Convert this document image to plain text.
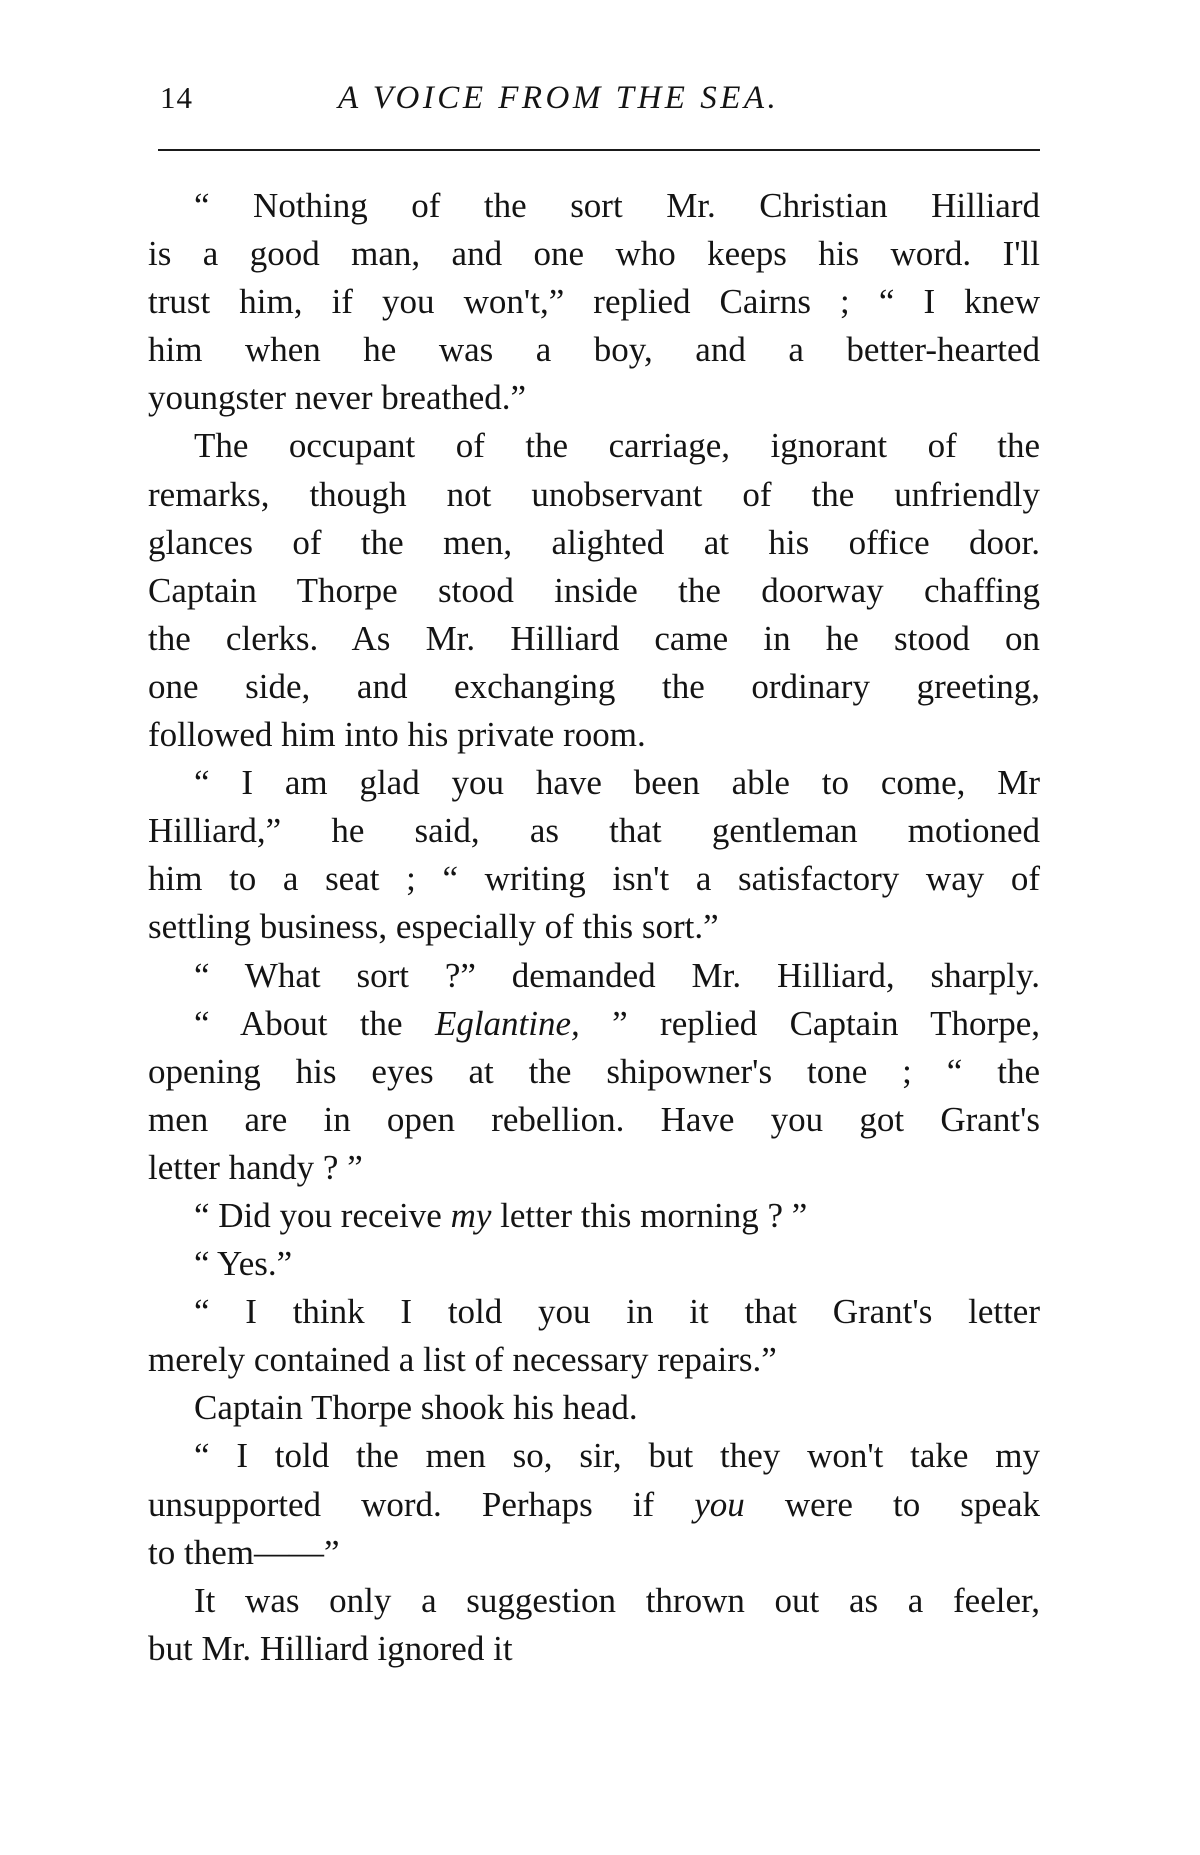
14	A VOICE FROM THE SEA.
“ Nothing of the sort Mr. Christian Hilliard
is a good man, and one who keeps his word. I'll
trust him, if you won't,” replied Cairns ; “ I knew
him when he was a boy, and a better-hearted
youngster never breathed.”
The occupant of the carriage, ignorant of the
remarks, though not unobservant of the unfriendly
glances of the men, alighted at his office door.
Captain Thorpe stood inside the doorway chaffing
the clerks. As Mr. Hilliard came in he stood on
one side, and exchanging the ordinary greeting,
followed him into his private room.
“ I am glad you have been able to come, Mr
Hilliard,” he said, as that gentleman motioned
him to a seat ; “ writing isn't a satisfactory way of
settling business, especially of this sort.”
“ What sort ?” demanded Mr. Hilliard, sharply.
“ About the Eglantine, ” replied Captain Thorpe,
opening his eyes at the shipowner's tone ; “ the
men are in open rebellion. Have you got Grant's
letter handy ? ”
“ Did you receive my letter this morning ? ”
“ Yes.”
“ I think I told you in it that Grant's letter
merely contained a list of necessary repairs.”
Captain Thorpe shook his head.
“ I told the men so, sir, but they won't take my
unsupported word. Perhaps if you were to speak
to them——”
It was only a suggestion thrown out as a feeler,
but Mr. Hilliard ignored it
